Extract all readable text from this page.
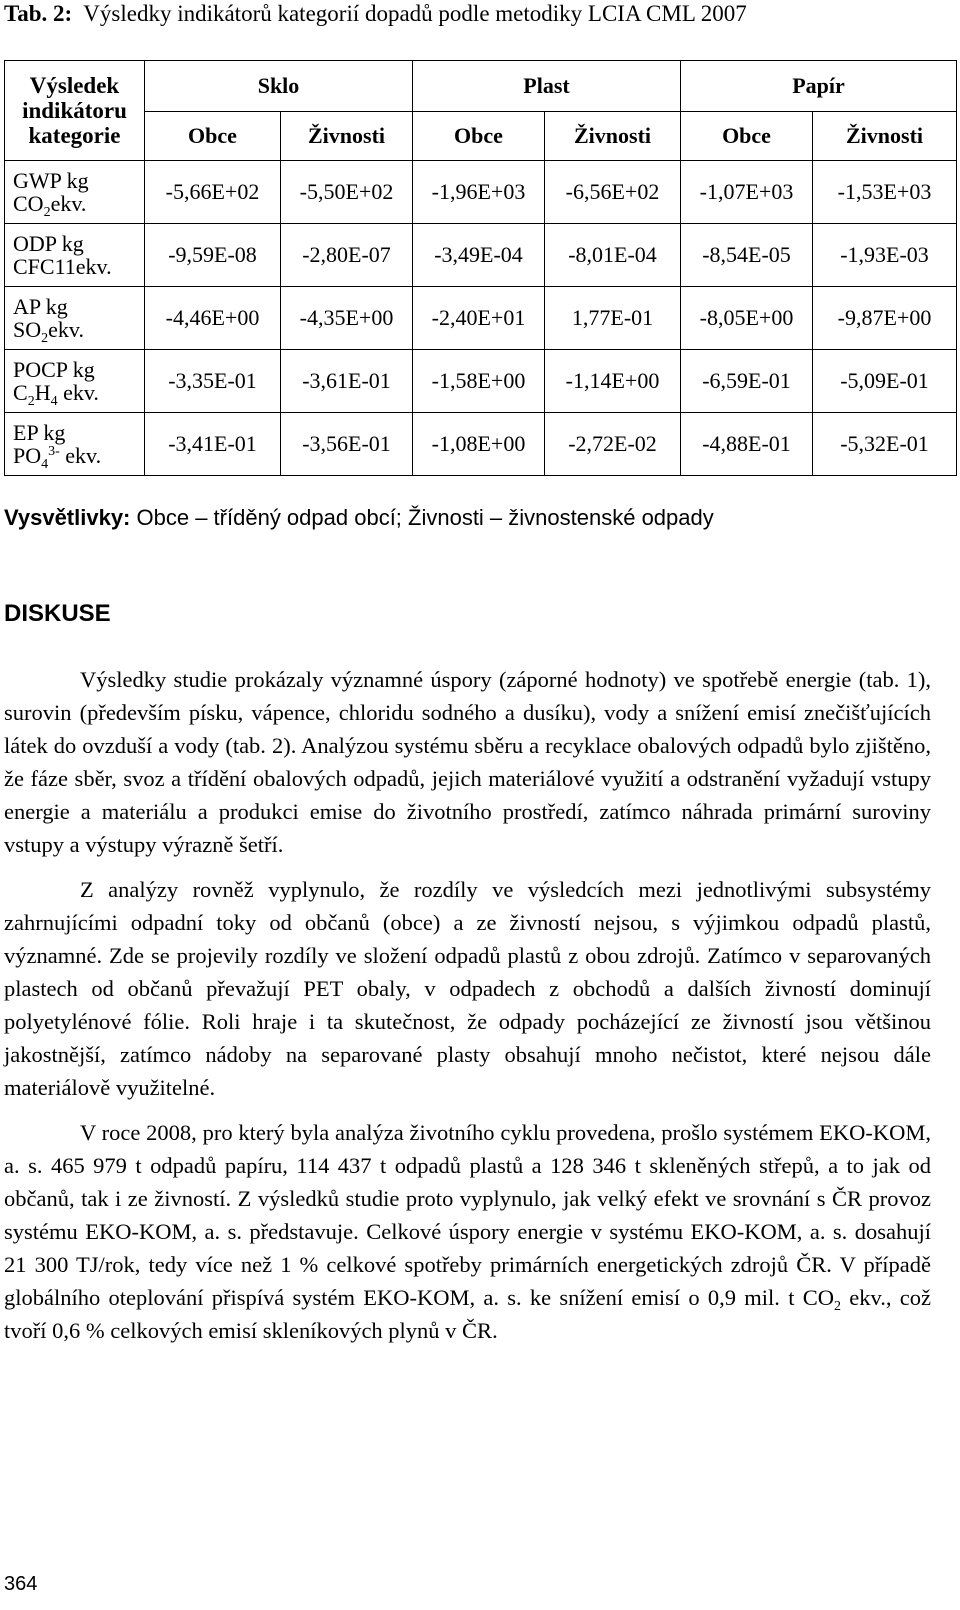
Tab. 2: Výsledky indikátorů kategorií dopadů podle metodiky LCIA CML 2007
Výsledek
indikátoru
kategorie	Sklo		Plast		Papír	
	Obce	Živnosti	Obce	Živnosti	Obce	Živnosti
GWP kg
$CO_2ekv$.	-5,66E+02	-5,50E+02	-1,96E+03	-6,56E+02	-1,07E+03	-1,53E+03
ODP kg
CFC11ekv.	-9,59E-08	-2,80E-07	-3,49E-04	-8,01E-04	-8,54E-05	-1,93E-03
AP kg
$SO_2ekv$.	-4,46E+00	-4,35E+00	-2,40E+01	1,77E-01	-8,05E+00	-9,87E+00
POCP kg
$C_2H_4$ ekv.	-3,35E-01	-3,61E-01	-1,58E+00	-1,14E+00	-6,59E-01	-5,09E-01
EP kg
$PO_4^{3-}$ ekv.	-3,41E-01	-3,56E-01	-1,08E+00	-2,72E-02	-4,88E-01	-5,32E-01
Vysvětlivky: Obce – tříděný odpad obcí; Živnosti – živnostenské odpady
DISKUSE

Výsledky studie prokázaly významné úspory (záporné hodnoty) ve spotřebě energie (tab. 1), surovin (především písku, vápence, chloridu sodného a dusíku), vody a snížení emisí znečišťujících látek do ovzduší a vody (tab. 2). Analýzou systému sběru a recyklace obalových odpadů bylo zjištěno, že fáze sběr, svoz a třídění obalových odpadů, jejich materiálové využití a odstranění vyžadují vstupy energie a materiálu a produkci emise do životního prostředí, zatímco náhrada primární suroviny vstupy a výstupy výrazně šetří.

Z analýzy rovněž vyplynulo, že rozdíly ve výsledcích mezi jednotlivými subsystémy zahrnujícími odpadní toky od občanů (obce) a ze živností nejsou, s výjimkou odpadů plastů, významné. Zde se projevily rozdíly ve složení odpadů plastů z obou zdrojů. Zatímco v separovaných plastech od občanů převažují PET obaly, v odpadech z obchodů a dalších živností dominují polyetylénové fólie. Roli hraje i ta skutečnost, že odpady pocházející ze živností jsou většinou jakostnější, zatímco nádoby na separované plasty obsahují mnoho nečistot, které nejsou dále materiálově využitelné.

V roce 2008, pro který byla analýza životního cyklu provedena, prošlo systémem EKO-KOM, a. s. 465 979 t odpadů papíru, 114 437 t odpadů plastů a 128 346 t skleněných střepů, a to jak od občanů, tak i ze živností. Z výsledků studie proto vyplynulo, jak velký efekt ve srovnání s ČR provoz systému EKO-KOM, a. s. představuje. Celkové úspory energie v systému EKO-KOM, a. s. dosahují 21 300 TJ/rok, tedy více než 1 % celkové spotřeby primárních energetických zdrojů ČR. V případě globálního oteplování přispívá systém EKO-KOM, a. s. ke snížení emisí o 0,9 mil. t $CO_2$ ekv., což tvoří 0,6 % celkových emisí skleníkových plynů v ČR.

364
